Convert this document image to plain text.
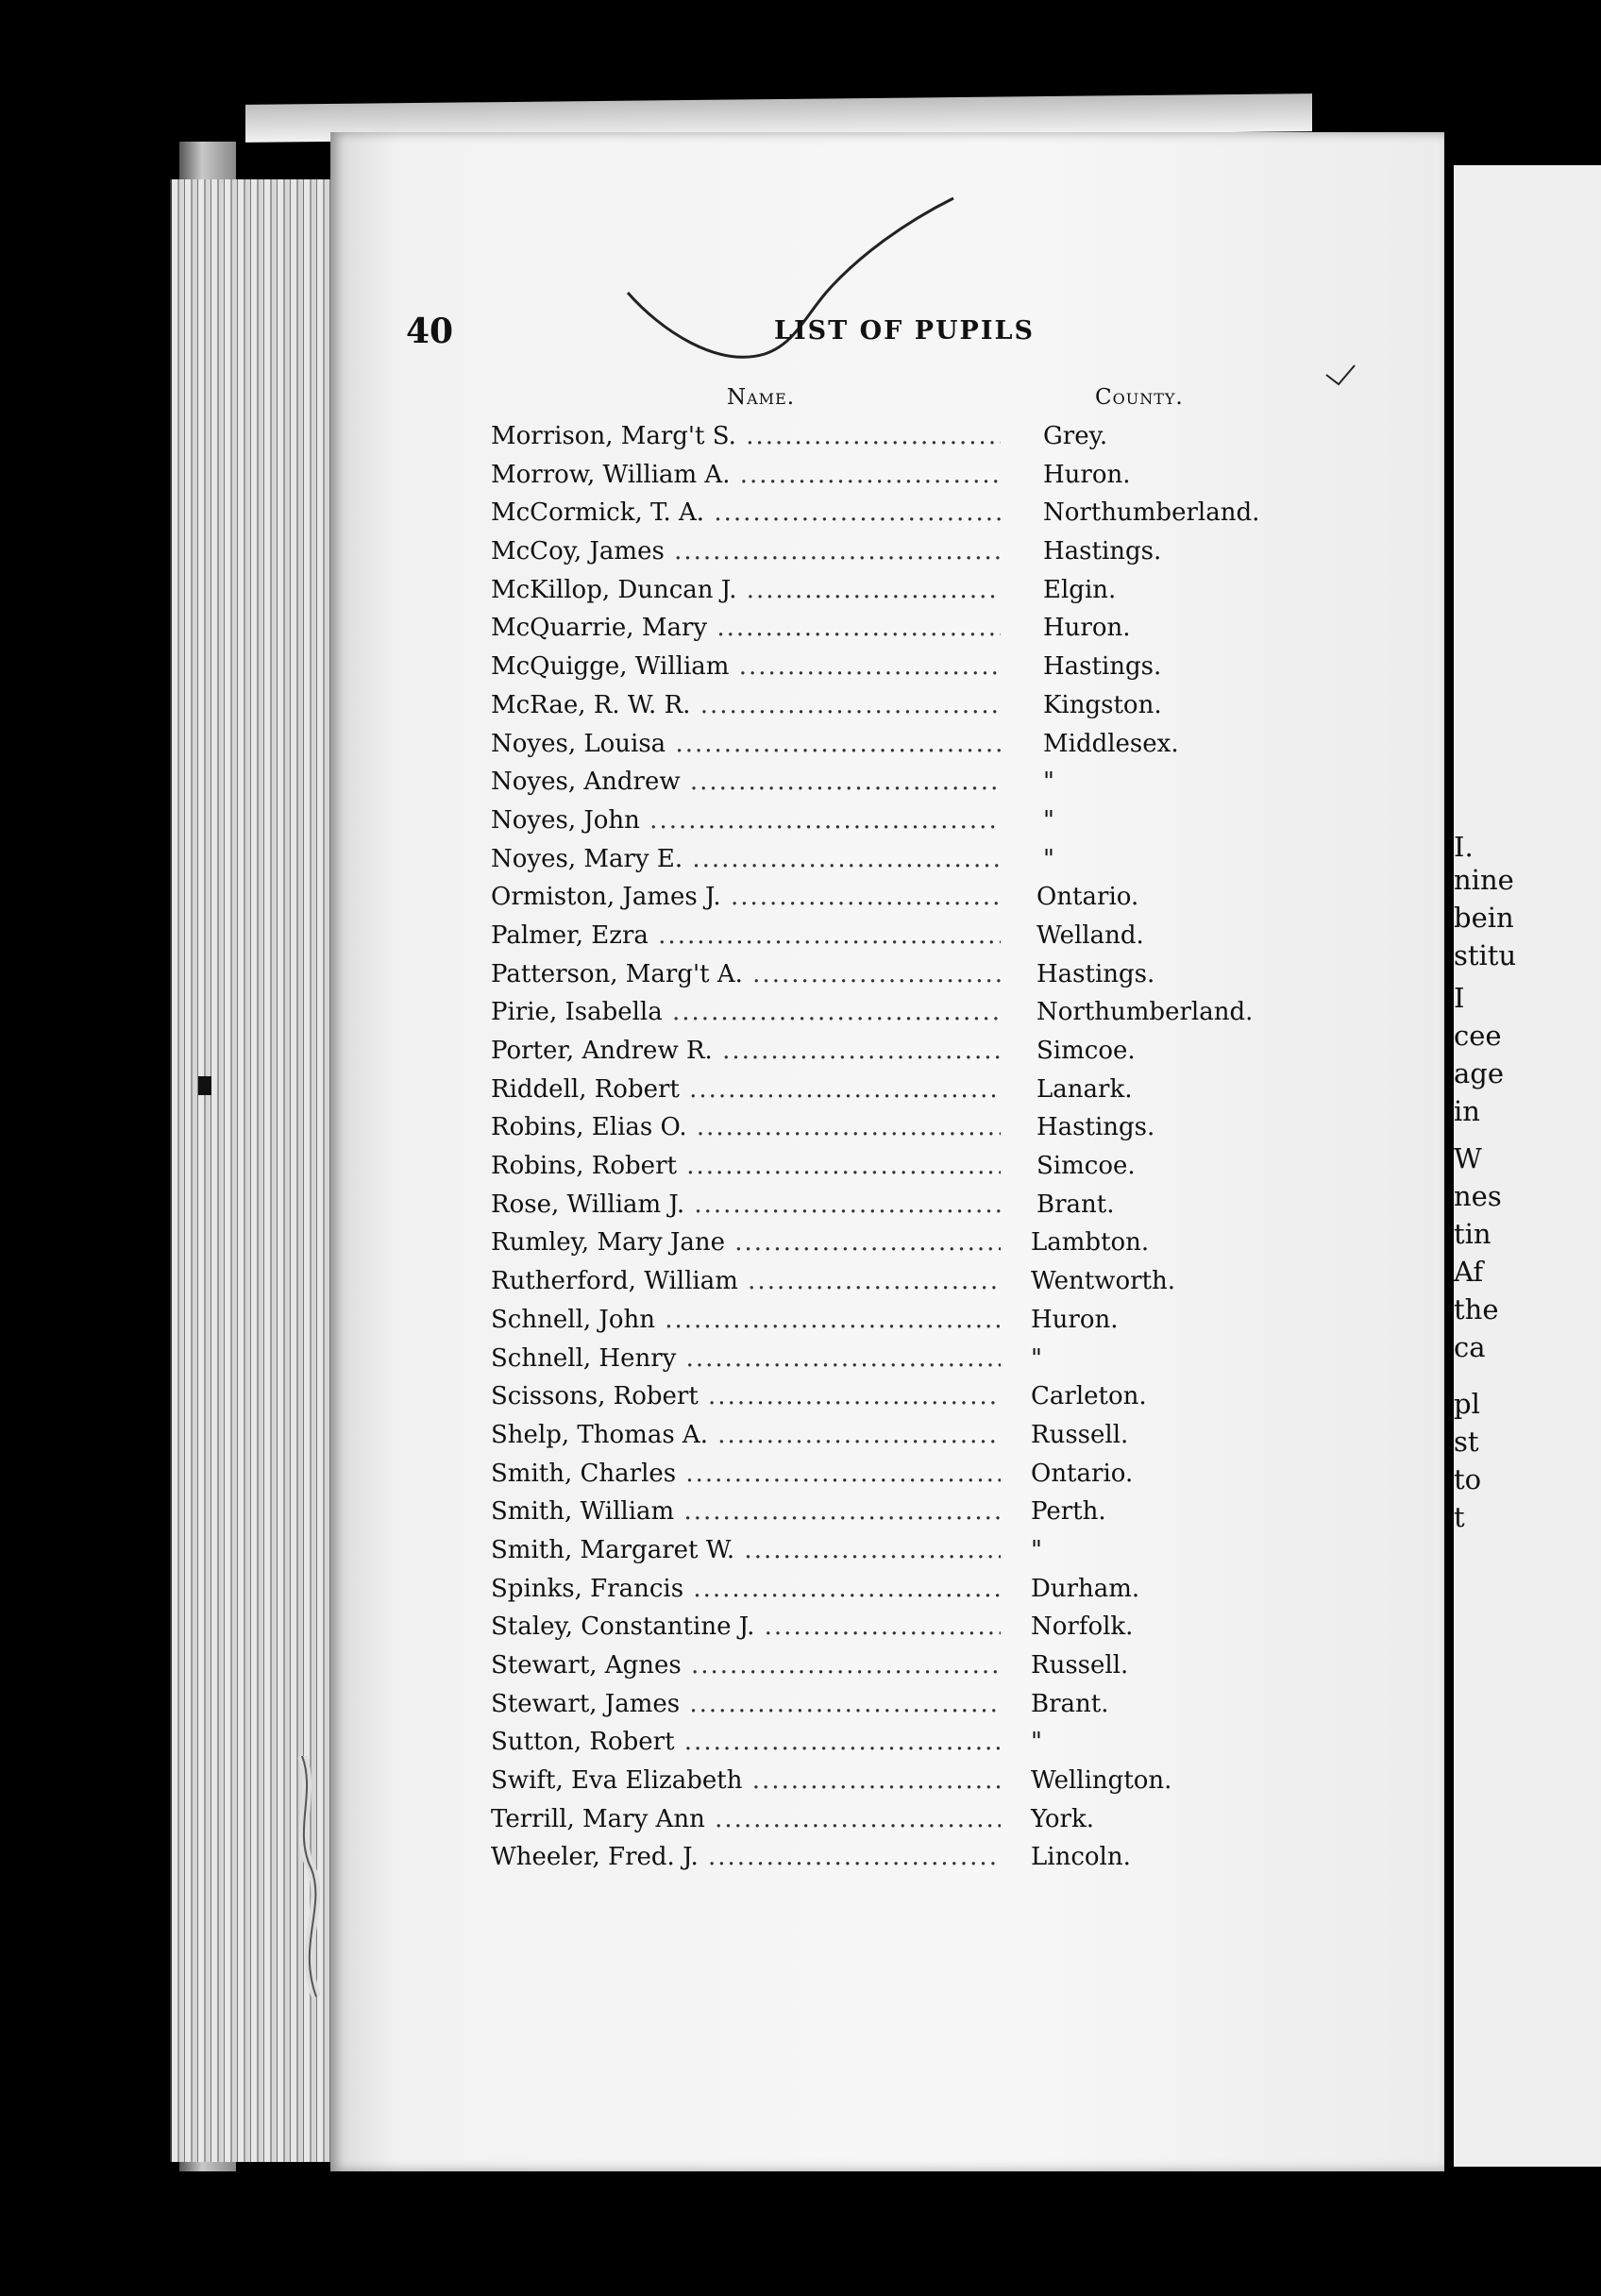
I.
nine
bein
stitu
I
cee
age
in
W
nes
tin
Af
the
ca
pl
st
to
t
40	LIST OF PUPILS
Name.	County.
Morrison, Marg't S. .....	Grey.
Morrow, William A. .....	Huron.
McCormick, T. A. .....	Northumberland.
McCoy, James .....	Hastings.
McKillop, Duncan J. .....	Elgin.
McQuarrie, Mary .....	Huron.
McQuigge, William .....	Hastings.
McRae, R. W. R. .....	Kingston.
Noyes, Louisa .....	Middlesex.
Noyes, Andrew .....	"
Noyes, John .....	"
Noyes, Mary E. .....	"
Ormiston, James J. .....	Ontario.
Palmer, Ezra .....	Welland.
Patterson, Marg't A. .....	Hastings.
Pirie, Isabella .....	Northumberland.
Porter, Andrew R. .....	Simcoe.
Riddell, Robert .....	Lanark.
Robins, Elias O. .....	Hastings.
Robins, Robert .....	Simcoe.
Rose, William J. .....	Brant.
Rumley, Mary Jane .....	Lambton.
Rutherford, William .....	Wentworth.
Schnell, John .....	Huron.
Schnell, Henry .....	"
Scissons, Robert .....	Carleton.
Shelp, Thomas A. .....	Russell.
Smith, Charles .....	Ontario.
Smith, William .....	Perth.
Smith, Margaret W. .....	"
Spinks, Francis .....	Durham.
Staley, Constantine J. .....	Norfolk.
Stewart, Agnes .....	Russell.
Stewart, James .....	Brant.
Sutton, Robert .....	"
Swift, Eva Elizabeth .....	Wellington.
Terrill, Mary Ann .....	York.
Wheeler, Fred. J. .....	Lincoln.
